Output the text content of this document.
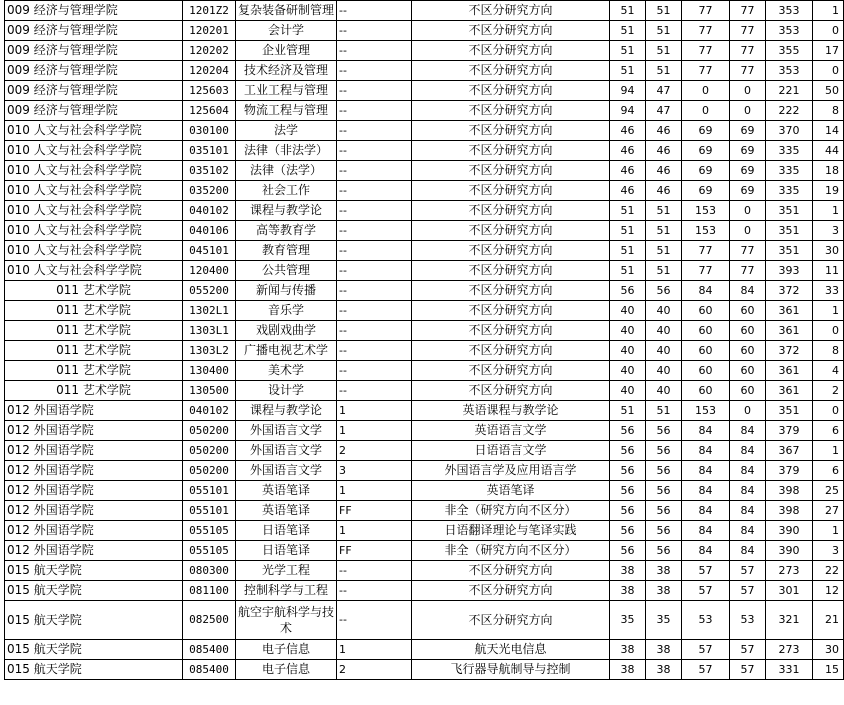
009 经济与管理学院	1201Z2	复杂装备研制管理	--	不区分研究方向	51	51	77	77	353	1
009 经济与管理学院	120201	会计学	--	不区分研究方向	51	51	77	77	353	0
009 经济与管理学院	120202	企业管理	--	不区分研究方向	51	51	77	77	355	17
009 经济与管理学院	120204	技术经济及管理	--	不区分研究方向	51	51	77	77	353	0
009 经济与管理学院	125603	工业工程与管理	--	不区分研究方向	94	47	0	0	221	50
009 经济与管理学院	125604	物流工程与管理	--	不区分研究方向	94	47	0	0	222	8
010 人文与社会科学学院	030100	法学	--	不区分研究方向	46	46	69	69	370	14
010 人文与社会科学学院	035101	法律（非法学）	--	不区分研究方向	46	46	69	69	335	44
010 人文与社会科学学院	035102	法律（法学）	--	不区分研究方向	46	46	69	69	335	18
010 人文与社会科学学院	035200	社会工作	--	不区分研究方向	46	46	69	69	335	19
010 人文与社会科学学院	040102	课程与教学论	--	不区分研究方向	51	51	153	0	351	1
010 人文与社会科学学院	040106	高等教育学	--	不区分研究方向	51	51	153	0	351	3
010 人文与社会科学学院	045101	教育管理	--	不区分研究方向	51	51	77	77	351	30
010 人文与社会科学学院	120400	公共管理	--	不区分研究方向	51	51	77	77	393	11
011 艺术学院	055200	新闻与传播	--	不区分研究方向	56	56	84	84	372	33
011 艺术学院	1302L1	音乐学	--	不区分研究方向	40	40	60	60	361	1
011 艺术学院	1303L1	戏剧戏曲学	--	不区分研究方向	40	40	60	60	361	0
011 艺术学院	1303L2	广播电视艺术学	--	不区分研究方向	40	40	60	60	372	8
011 艺术学院	130400	美术学	--	不区分研究方向	40	40	60	60	361	4
011 艺术学院	130500	设计学	--	不区分研究方向	40	40	60	60	361	2
012 外国语学院	040102	课程与教学论	1	英语课程与教学论	51	51	153	0	351	0
012 外国语学院	050200	外国语言文学	1	英语语言文学	56	56	84	84	379	6
012 外国语学院	050200	外国语言文学	2	日语语言文学	56	56	84	84	367	1
012 外国语学院	050200	外国语言文学	3	外国语言学及应用语言学	56	56	84	84	379	6
012 外国语学院	055101	英语笔译	1	英语笔译	56	56	84	84	398	25
012 外国语学院	055101	英语笔译	FF	非全（研究方向不区分）	56	56	84	84	398	27
012 外国语学院	055105	日语笔译	1	日语翻译理论与笔译实践	56	56	84	84	390	1
012 外国语学院	055105	日语笔译	FF	非全（研究方向不区分）	56	56	84	84	390	3
015 航天学院	080300	光学工程	--	不区分研究方向	38	38	57	57	273	22
015 航天学院	081100	控制科学与工程	--	不区分研究方向	38	38	57	57	301	12
015 航天学院	082500	航空宇航科学与技术	--	不区分研究方向	35	35	53	53	321	21
015 航天学院	085400	电子信息	1	航天光电信息	38	38	57	57	273	30
015 航天学院	085400	电子信息	2	飞行器导航制导与控制	38	38	57	57	331	15
